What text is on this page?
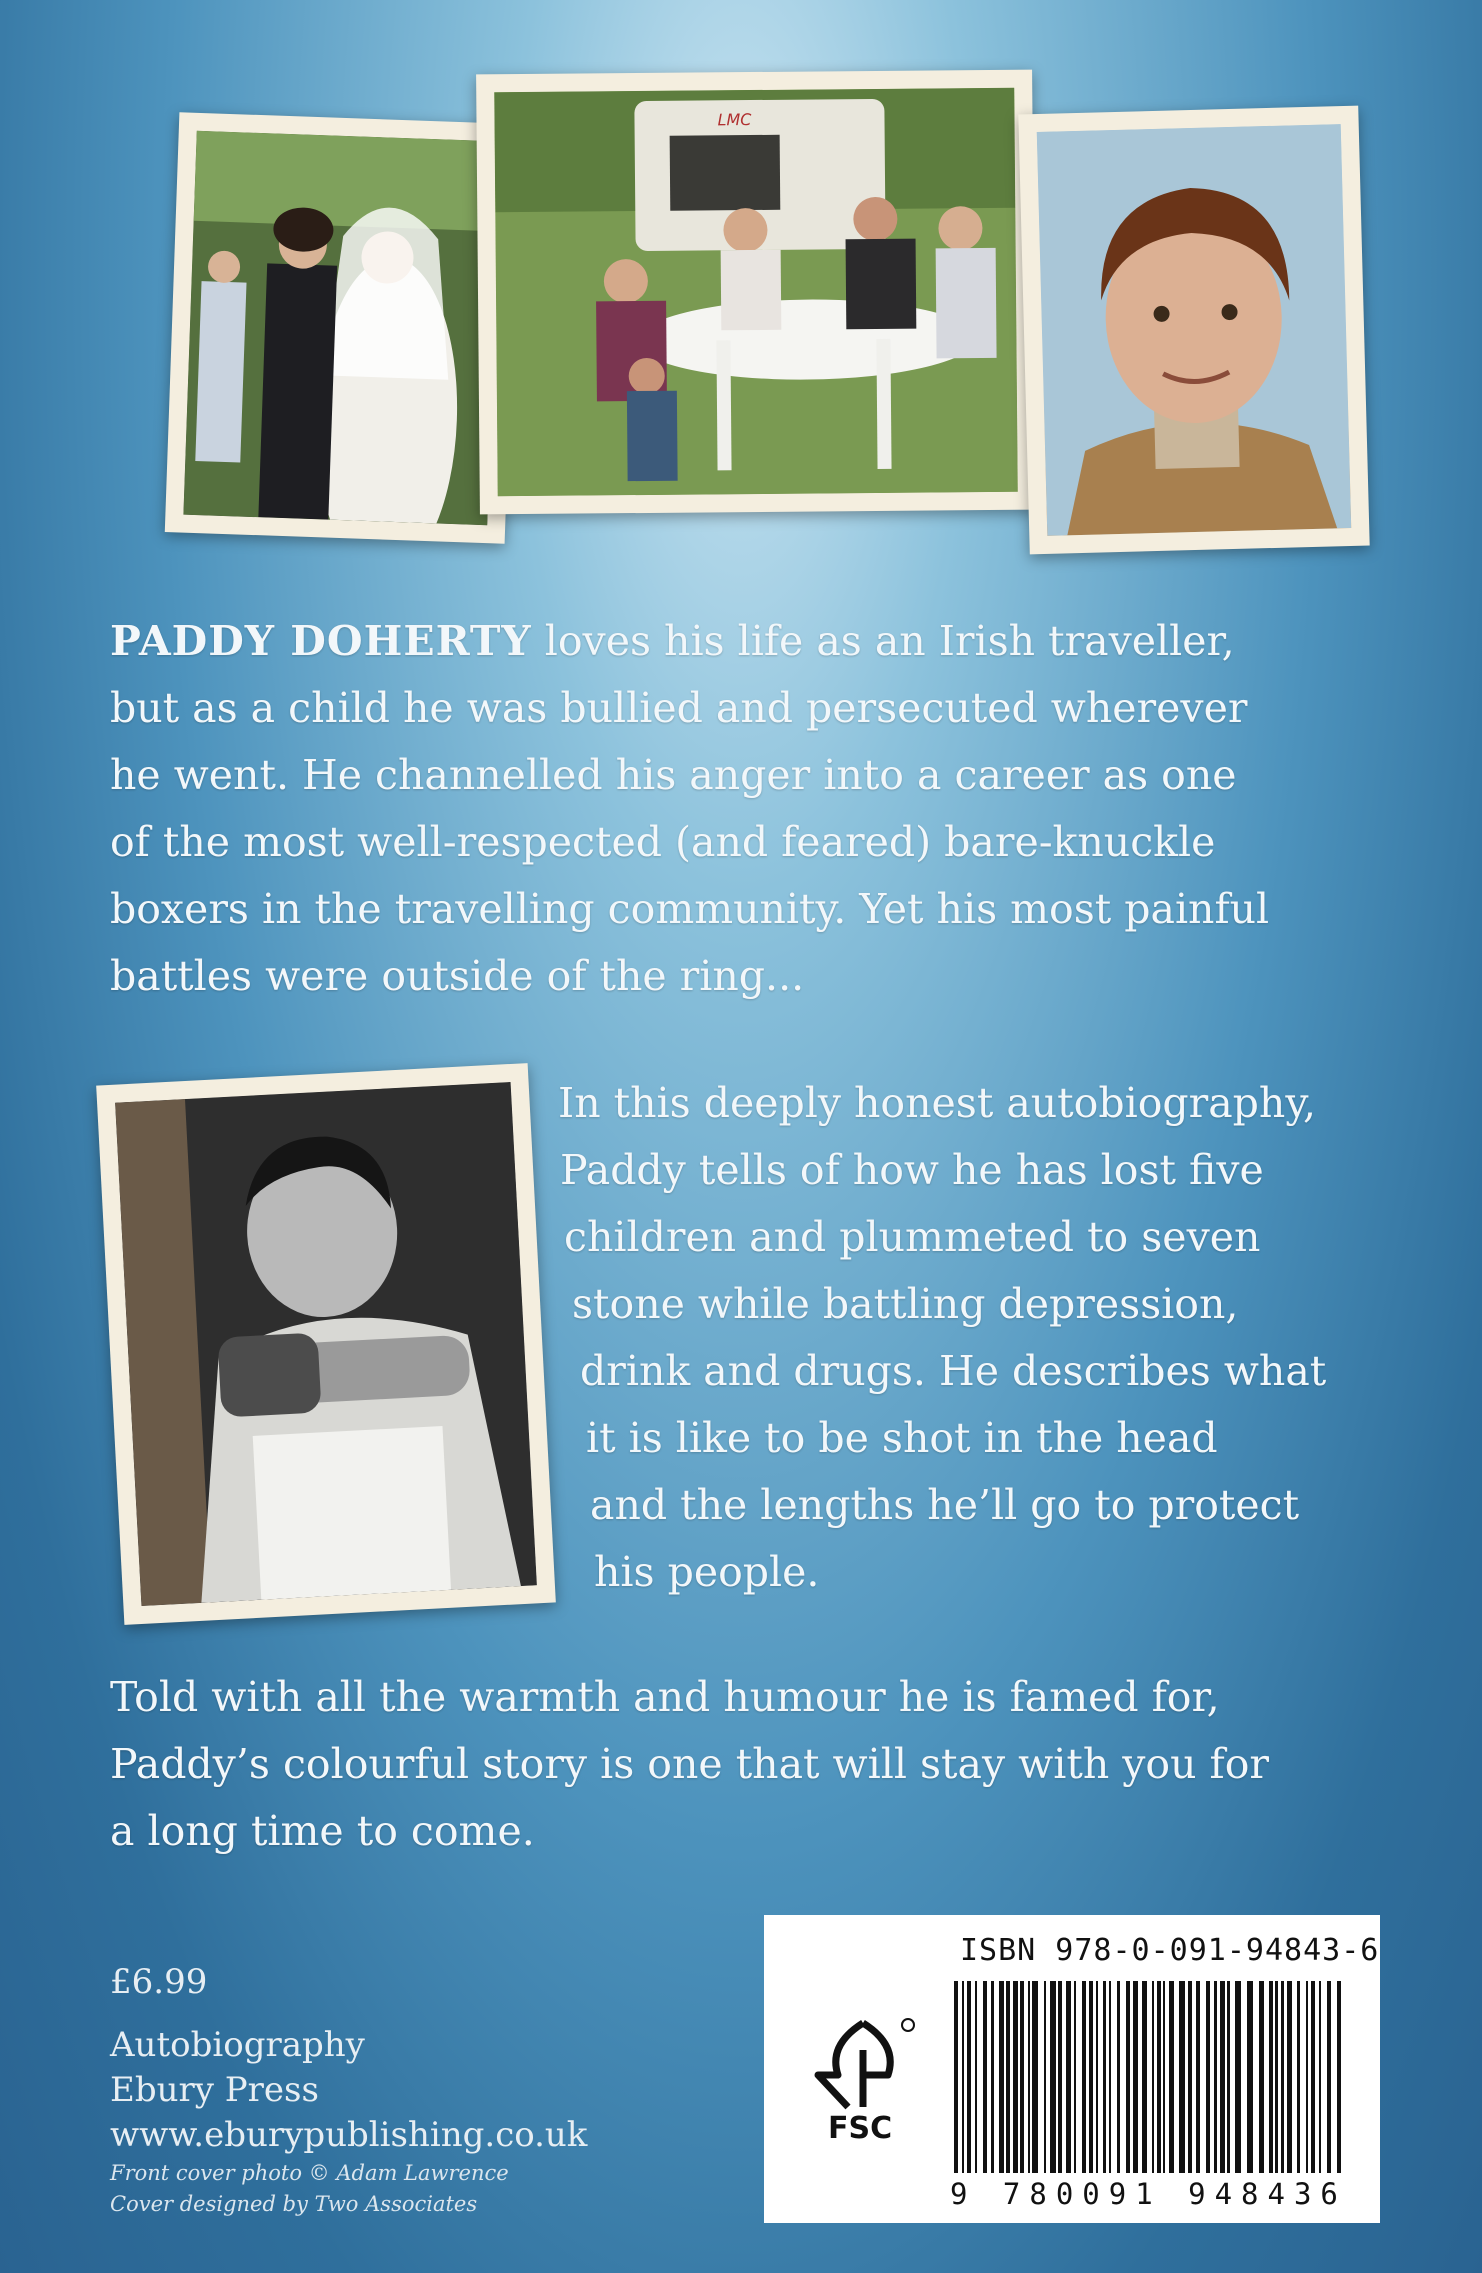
LMC

PADDY DOHERTY loves his life as an Irish traveller,

but as a child he was bullied and persecuted wherever

he went. He channelled his anger into a career as one

of the most well-respected (and feared) bare-knuckle

boxers in the travelling community. Yet his most painful

battles were outside of the ring...

In this deeply honest autobiography,

Paddy tells of how he has lost five

children and plummeted to seven

stone while battling depression,

drink and drugs. He describes what

it is like to be shot in the head

and the lengths he’ll go to protect

his people.

Told with all the warmth and humour he is famed for,

Paddy’s colourful story is one that will stay with you for

a long time to come.

£6.99
Autobiography
Ebury Press
www.eburypublishing.co.uk
Front cover photo © Adam Lawrence
Cover designed by Two Associates
ISBN 978-0-091-94843-6
FSC
9 780091 948436
